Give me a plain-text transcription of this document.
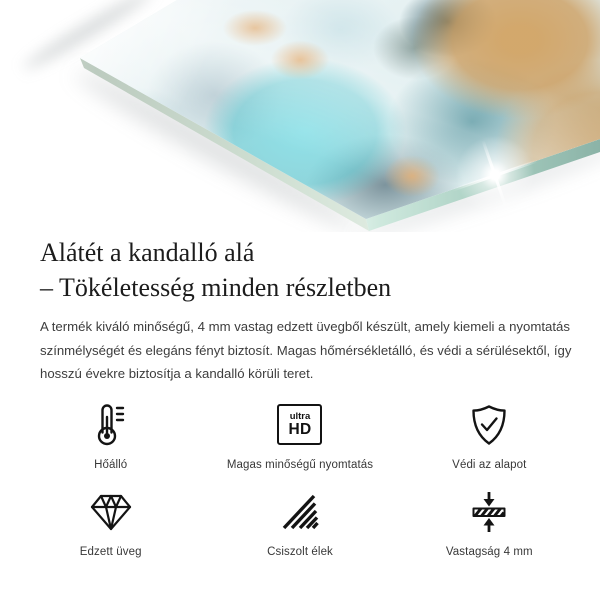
Alátét a kandalló alá
– Tökéletesség minden részletben
A termék kiváló minőségű, 4 mm vastag edzett üvegből készült, amely kiemeli a nyomtatás
színmélységét és elegáns fényt biztosít. Magas hőmérsékletálló, és védi a sérülésektől, így
hosszú évekre biztosítja a kandalló körüli teret.
Hőálló
ultra
HD
Magas minőségű nyomtatás	Védi az alapot
Edzett üveg	Csiszolt élek	Vastagság 4 mm
